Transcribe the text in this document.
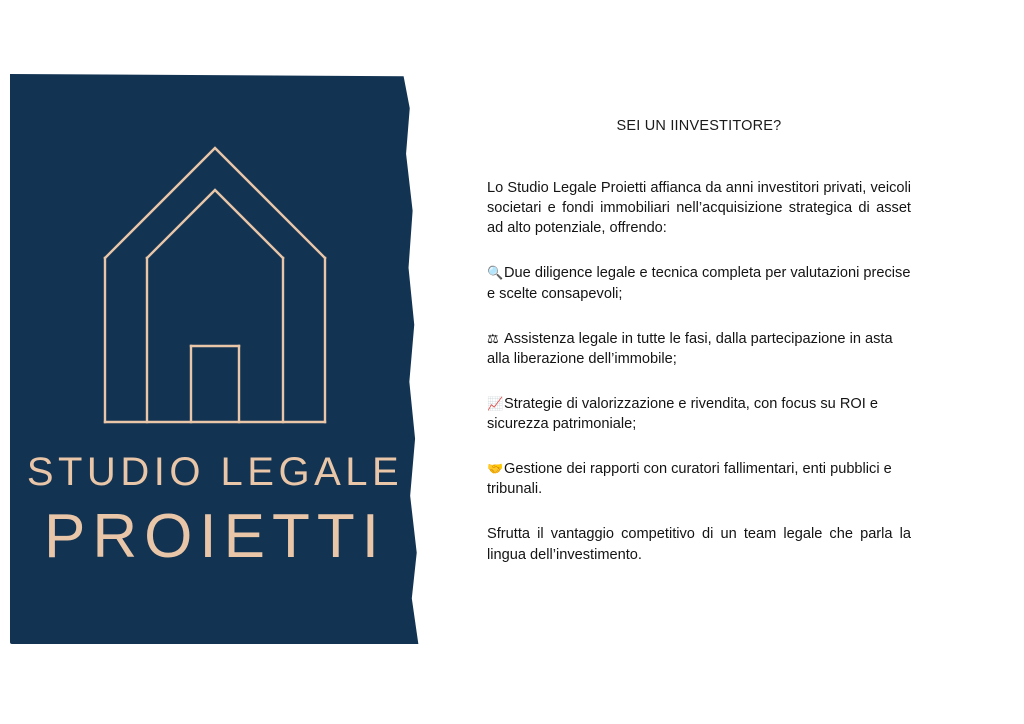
STUDIO LEGALE
PROIETTI
SEI UN IINVESTITORE?

Lo Studio Legale Proietti affianca da anni investitori privati, veicoli societari e fondi immobiliari nell’acquisizione strategica di asset ad alto potenziale, offrendo:

🔍Due diligence legale e tecnica completa per valutazioni precise e scelte consapevoli;
⚖ Assistenza legale in tutte le fasi, dalla partecipazione in asta alla liberazione dell’immobile;
📈Strategie di valorizzazione e rivendita, con focus su ROI e sicurezza patrimoniale;
🤝Gestione dei rapporti con curatori fallimentari, enti pubblici e tribunali.

Sfrutta il vantaggio competitivo di un team legale che parla la lingua dell’investimento.
